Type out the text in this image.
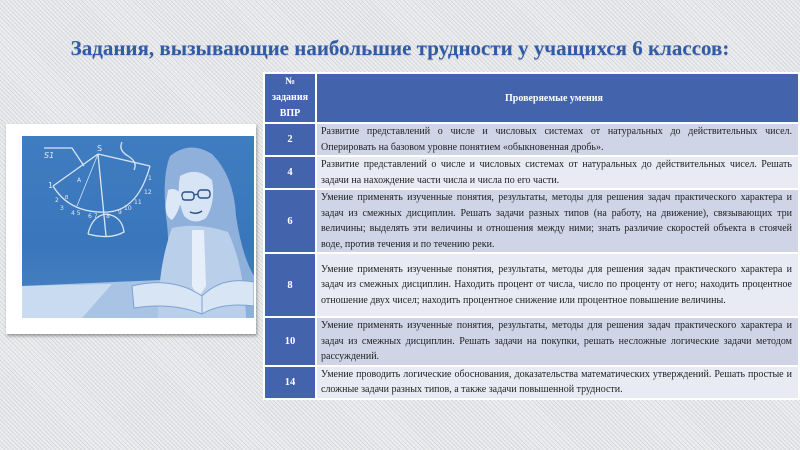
Задания, вызывающие наибольшие трудности у учащихся 6 классов:
S1
S
A
B
1
2
3
4 5 6 7 8
9
10
11
12
1
№
задания
ВПР	Проверяемые умения
2	Развитие представлений о числе и числовых системах от натуральных до действительных чисел. Оперировать на базовом уровне понятием «обыкновенная дробь».
4	Развитие представлений о числе и числовых системах от натуральных до действительных чисел. Решать задачи на нахождение части числа и числа по его части.
6	Умение применять изученные понятия, результаты, методы для решения задач практического характера и задач из смежных дисциплин. Решать задачи разных типов (на работу, на движение), связывающих три величины; выделять эти величины и отношения между ними; знать различие скоростей объекта в стоячей воде, против течения и по течению реки.
8	Умение применять изученные понятия, результаты, методы для решения задач практического характера и задач из смежных дисциплин. Находить процент от числа, число по проценту от него; находить процентное отношение двух чисел; находить процентное снижение или процентное повышение величины.
10	Умение применять изученные понятия, результаты, методы для решения задач практического характера и задач из смежных дисциплин. Решать задачи на покупки, решать несложные логические задачи методом рассуждений.
14	Умение проводить логические обоснования, доказательства математических утверждений. Решать простые и сложные задачи разных типов, а также задачи повышенной трудности.
